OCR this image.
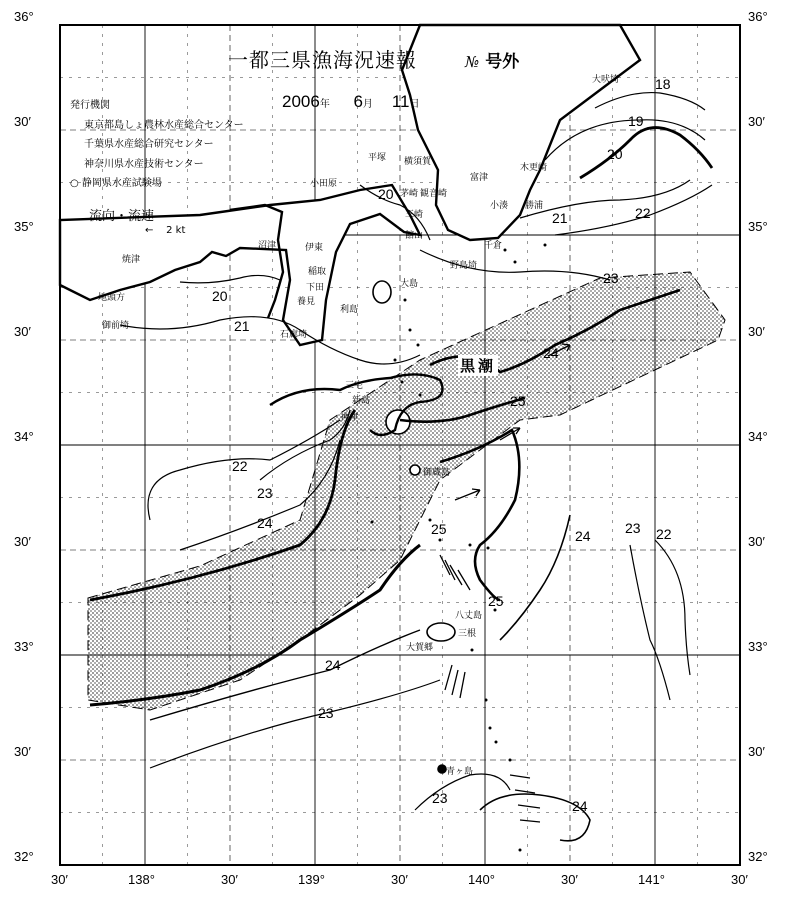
一都三県漁海況速報	№ 号外
2006年 6月 11日
発行機関
東京都島しょ農林水産総合センター
千葉県水産総合研究センター
神奈川県水産技術センター
○ 静岡県水産試験場
流向・流速
← 2 kt
黒潮
36°	36°
30′	30′
35°	35°
30′	30′
34°	34°
30′	30′
33°	33°
30′	30′
32°	32°
30′	138°	30′	139°	30′	140°	30′	141°	30′
大吠埼
平塚 横須賀
小田原
富津
木更崎
茅崎 観音崎
三崎
小湊 勝浦
館山
千倉
伊東
野島埼
沼津
焼津
地頭方
御前埼
稲取
下田
養見
石廊埼
大島
利島
三宅
新島
神津
御蔵島
八丈島
三根
大賀郷
青ヶ島
18
19
20
20
21	22
20
21
23
24
25
22
23
24	25	24 23 22
25
24
23
23	24
